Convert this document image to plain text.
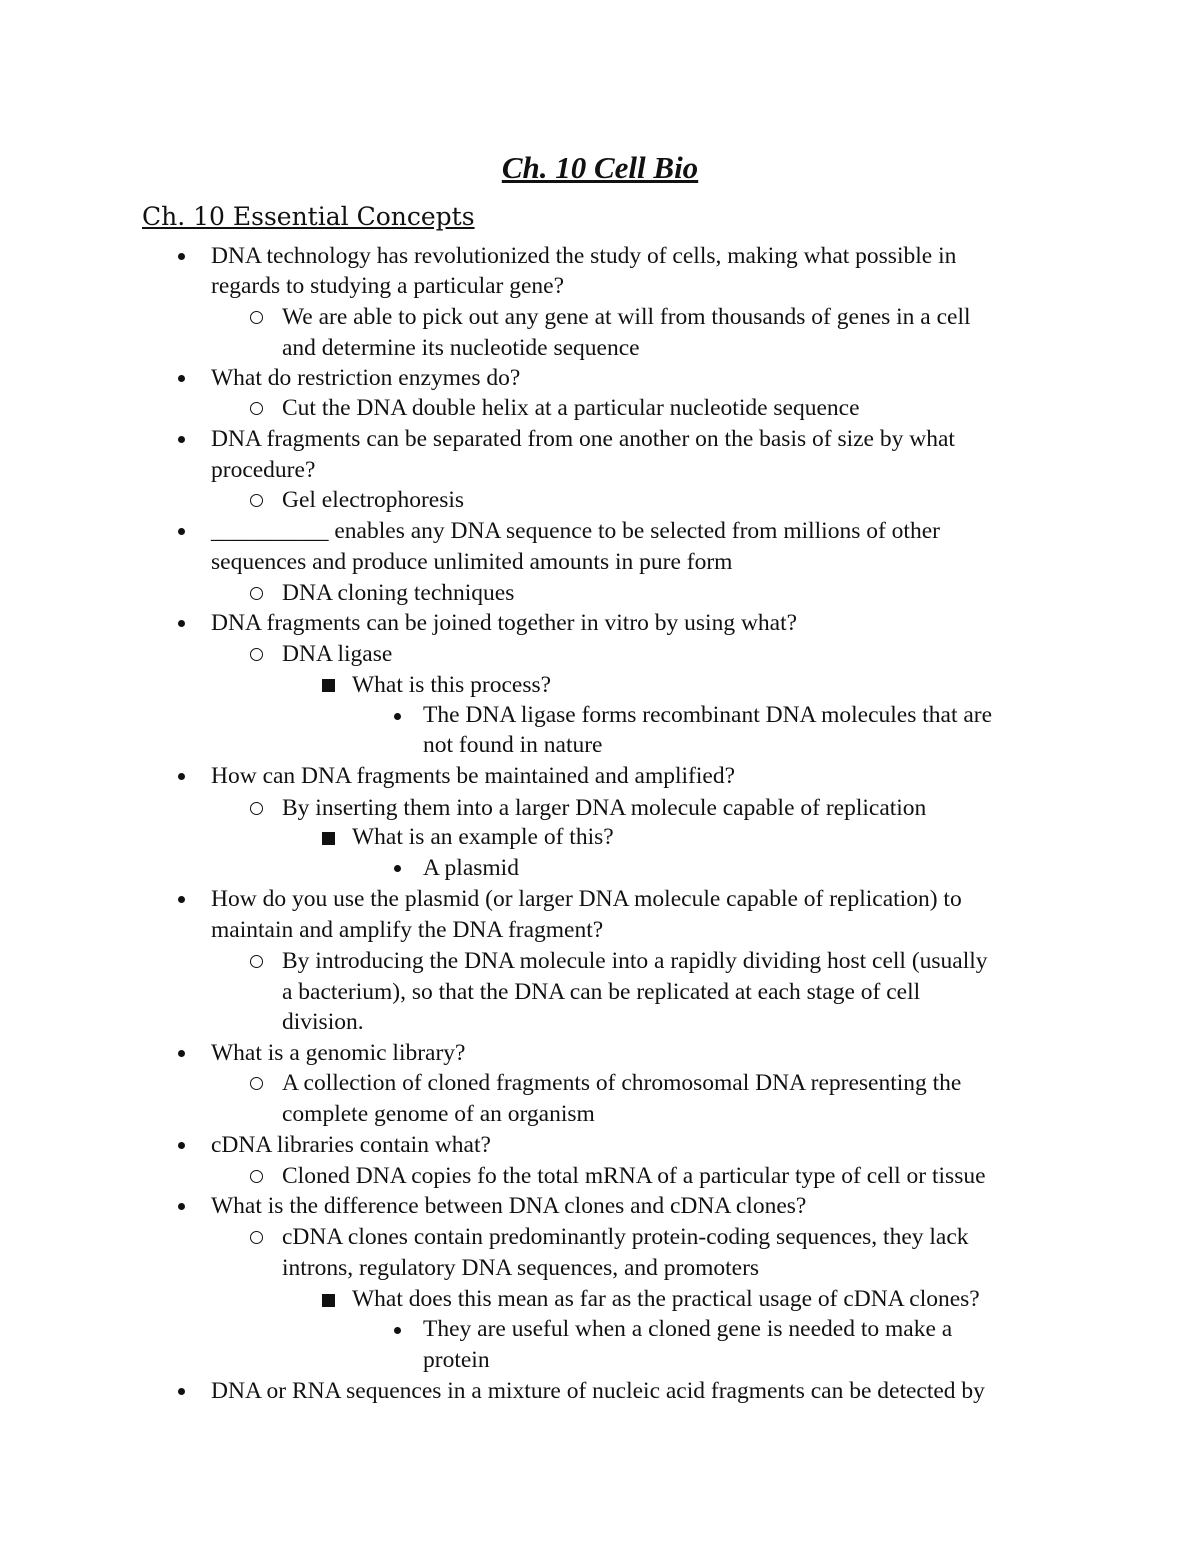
Ch. 10 Cell Bio
Ch. 10 Essential Concepts
DNA technology has revolutionized the study of cells, making what possible in
regards to studying a particular gene?
We are able to pick out any gene at will from thousands of genes in a cell
and determine its nucleotide sequence
What do restriction enzymes do?
Cut the DNA double helix at a particular nucleotide sequence
DNA fragments can be separated from one another on the basis of size by what
procedure?
Gel electrophoresis
__________ enables any DNA sequence to be selected from millions of other
sequences and produce unlimited amounts in pure form
DNA cloning techniques
DNA fragments can be joined together in vitro by using what?
DNA ligase
What is this process?
The DNA ligase forms recombinant DNA molecules that are
not found in nature
How can DNA fragments be maintained and amplified?
By inserting them into a larger DNA molecule capable of replication
What is an example of this?
A plasmid
How do you use the plasmid (or larger DNA molecule capable of replication) to
maintain and amplify the DNA fragment?
By introducing the DNA molecule into a rapidly dividing host cell (usually
a bacterium), so that the DNA can be replicated at each stage of cell
division.
What is a genomic library?
A collection of cloned fragments of chromosomal DNA representing the
complete genome of an organism
cDNA libraries contain what?
Cloned DNA copies fo the total mRNA of a particular type of cell or tissue
What is the difference between DNA clones and cDNA clones?
cDNA clones contain predominantly protein-coding sequences, they lack
introns, regulatory DNA sequences, and promoters
What does this mean as far as the practical usage of cDNA clones?
They are useful when a cloned gene is needed to make a
protein
DNA or RNA sequences in a mixture of nucleic acid fragments can be detected by
